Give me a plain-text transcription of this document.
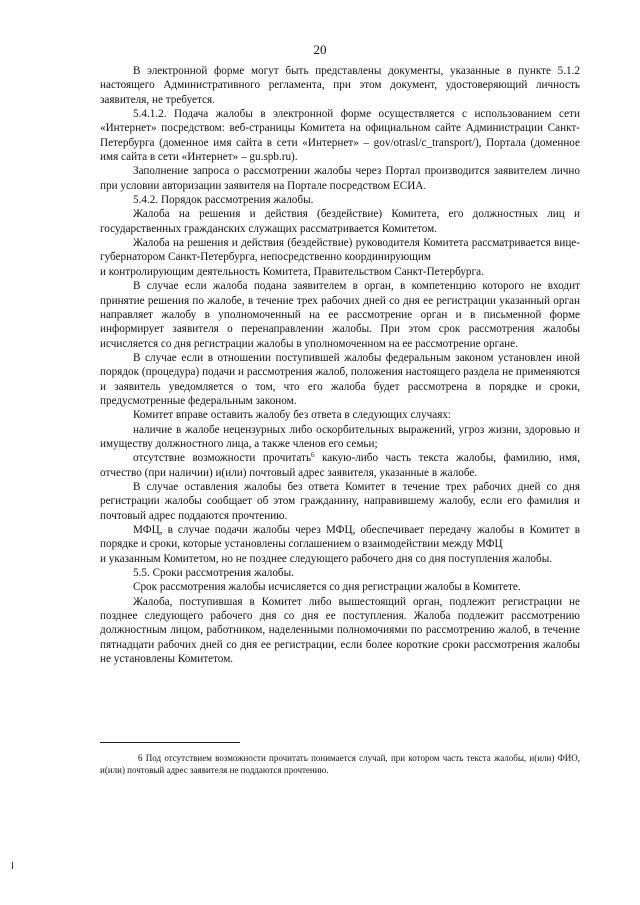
20

В электронной форме могут быть представлены документы, указанные в пункте 5.1.2 настоящего Административного регламента, при этом документ, удостоверяющий личность заявителя, не требуется.

5.4.1.2. Подача жалобы в электронной форме осуществляется с использованием сети «Интернет» посредством: веб-страницы Комитета на официальном сайте Администрации Санкт-Петербурга (доменное имя сайта в сети «Интернет» – gov/otrasl/c_transport/), Портала (доменное имя сайта в сети «Интернет» – gu.spb.ru).

Заполнение запроса о рассмотрении жалобы через Портал производится заявителем лично при условии авторизации заявителя на Портале посредством ЕСИА.

5.4.2. Порядок рассмотрения жалобы.

Жалоба на решения и действия (бездействие) Комитета, его должностных лиц и государственных гражданских служащих рассматривается Комитетом.

Жалоба на решения и действия (бездействие) руководителя Комитета рассматривается вице-губернатором Санкт-Петербурга, непосредственно координирующим

и контролирующим деятельность Комитета, Правительством Санкт-Петербурга.

В случае если жалоба подана заявителем в орган, в компетенцию которого не входит принятие решения по жалобе, в течение трех рабочих дней со дня ее регистрации указанный орган направляет жалобу в уполномоченный на ее рассмотрение орган и в письменной форме информирует заявителя о перенаправлении жалобы. При этом срок рассмотрения жалобы исчисляется со дня регистрации жалобы в уполномоченном на ее рассмотрение органе.

В случае если в отношении поступившей жалобы федеральным законом установлен иной порядок (процедура) подачи и рассмотрения жалоб, положения настоящего раздела не применяются и заявитель уведомляется о том, что его жалоба будет рассмотрена в порядке и сроки, предусмотренные федеральным законом.

Комитет вправе оставить жалобу без ответа в следующих случаях:

наличие в жалобе нецензурных либо оскорбительных выражений, угроз жизни, здоровью и имуществу должностного лица, а также членов его семьи;

отсутствие возможности прочитать$^6$ какую-либо часть текста жалобы, фамилию, имя, отчество (при наличии) и(или) почтовый адрес заявителя, указанные в жалобе.

В случае оставления жалобы без ответа Комитет в течение трех рабочих дней со дня регистрации жалобы сообщает об этом гражданину, направившему жалобу, если его фамилия и почтовый адрес поддаются прочтению.

МФЦ, в случае подачи жалобы через МФЦ, обеспечивает передачу жалобы в Комитет в порядке и сроки, которые установлены соглашением о взаимодействии между МФЦ

и указанным Комитетом, но не позднее следующего рабочего дня со дня поступления жалобы.

5.5. Сроки рассмотрения жалобы.

Срок рассмотрения жалобы исчисляется со дня регистрации жалобы в Комитете.

Жалоба, поступившая в Комитет либо вышестоящий орган, подлежит регистрации не позднее следующего рабочего дня со дня ее поступления. Жалоба подлежит рассмотрению должностным лицом, работником, наделенными полномочиями по рассмотрению жалоб, в течение пятнадцати рабочих дней со дня ее регистрации, если более короткие сроки рассмотрения жалобы не установлены Комитетом.

6 Под отсутствием возможности прочитать понимается случай, при котором часть текста жалобы, и(или) ФИО, и(или) почтовый адрес заявителя не поддаются прочтению.
